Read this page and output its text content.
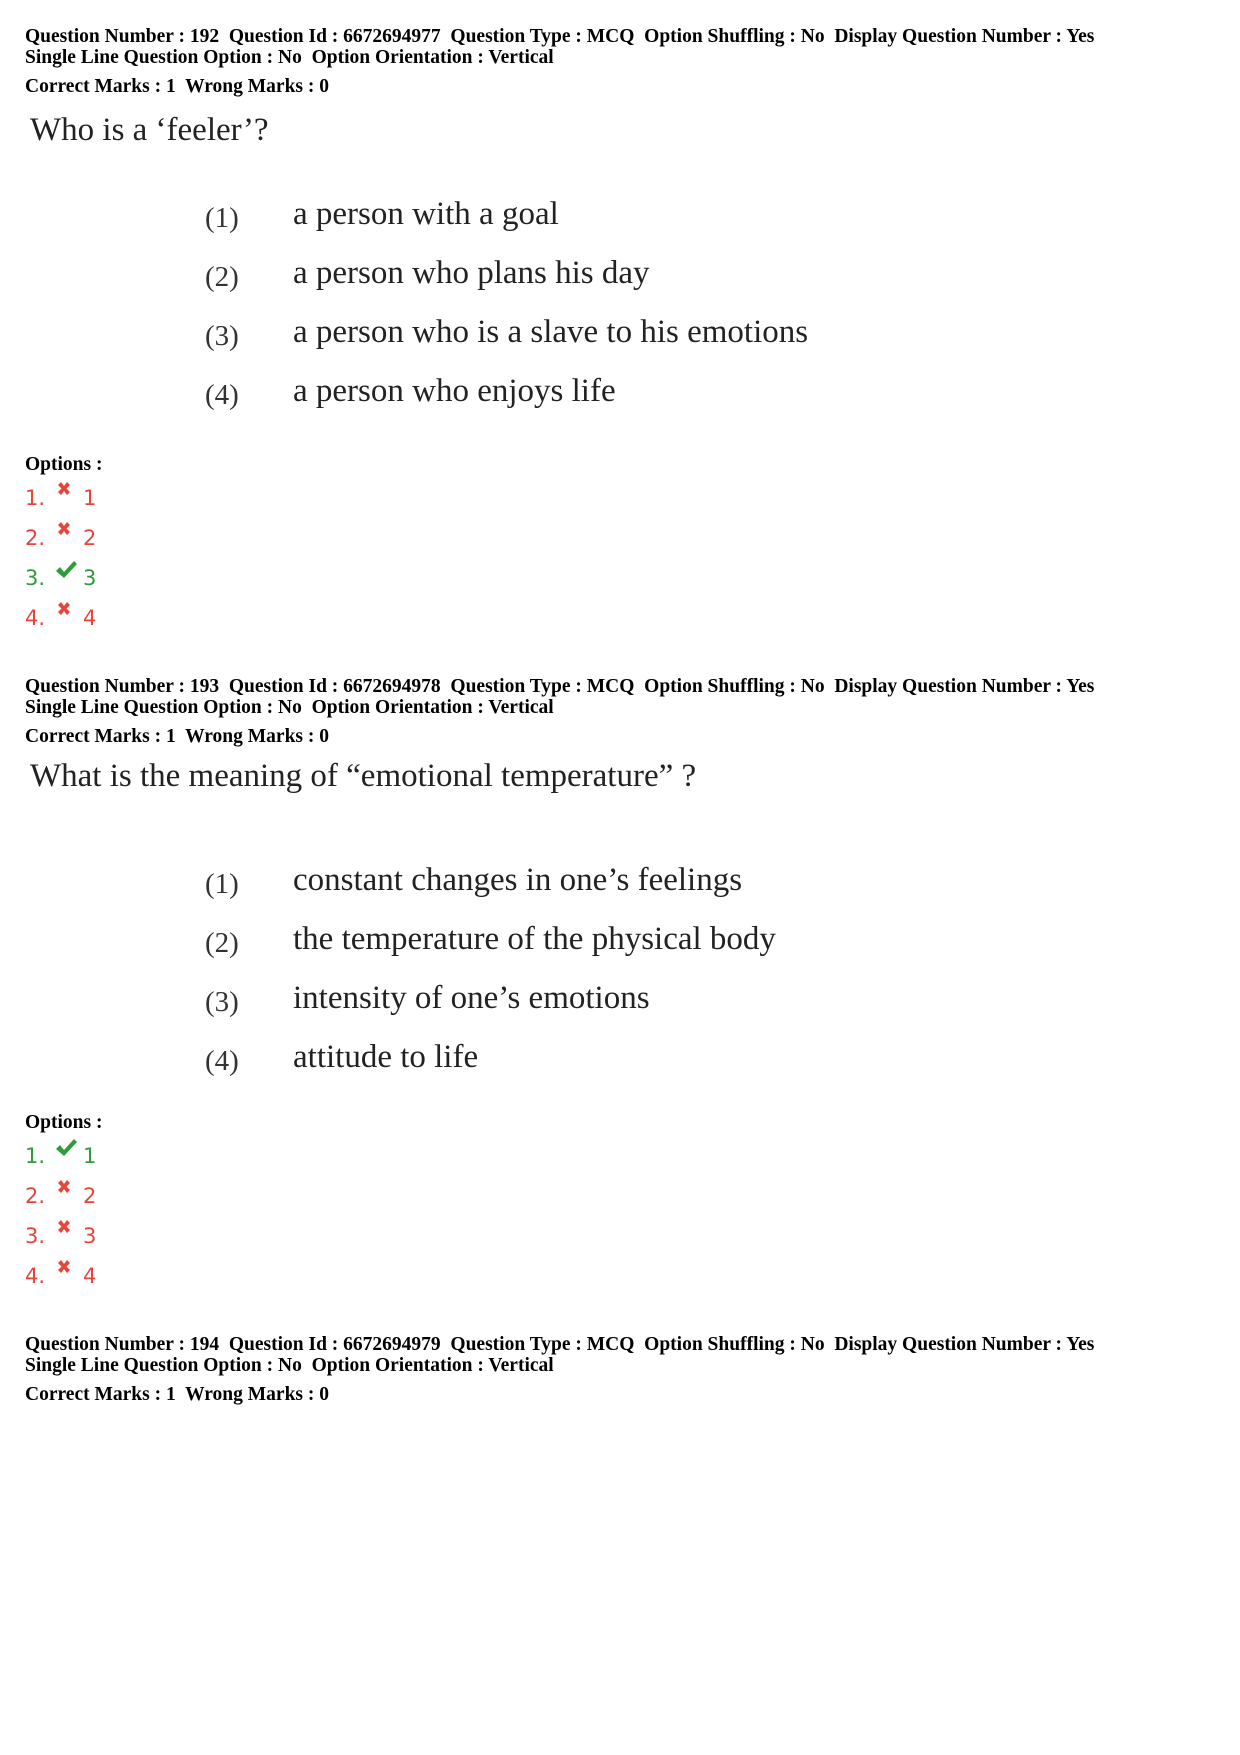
Question Number : 192  Question Id : 6672694977  Question Type : MCQ  Option Shuffling : No  Display Question Number : Yes
Single Line Question Option : No  Option Orientation : Vertical
Correct Marks : 1  Wrong Marks : 0
Who is a ‘feeler’?
(1) a person with a goal
(2) a person who plans his day
(3) a person who is a slave to his emotions
(4) a person who enjoys life
Options :
1.	1
2.	2
3.	3
4.	4
Question Number : 193  Question Id : 6672694978  Question Type : MCQ  Option Shuffling : No  Display Question Number : Yes
Single Line Question Option : No  Option Orientation : Vertical
Correct Marks : 1  Wrong Marks : 0
What is the meaning of “emotional temperature” ?
(1) constant changes in one’s feelings
(2) the temperature of the physical body
(3) intensity of one’s emotions
(4) attitude to life
Options :
1.	1
2.	2
3.	3
4.	4
Question Number : 194  Question Id : 6672694979  Question Type : MCQ  Option Shuffling : No  Display Question Number : Yes
Single Line Question Option : No  Option Orientation : Vertical
Correct Marks : 1  Wrong Marks : 0
